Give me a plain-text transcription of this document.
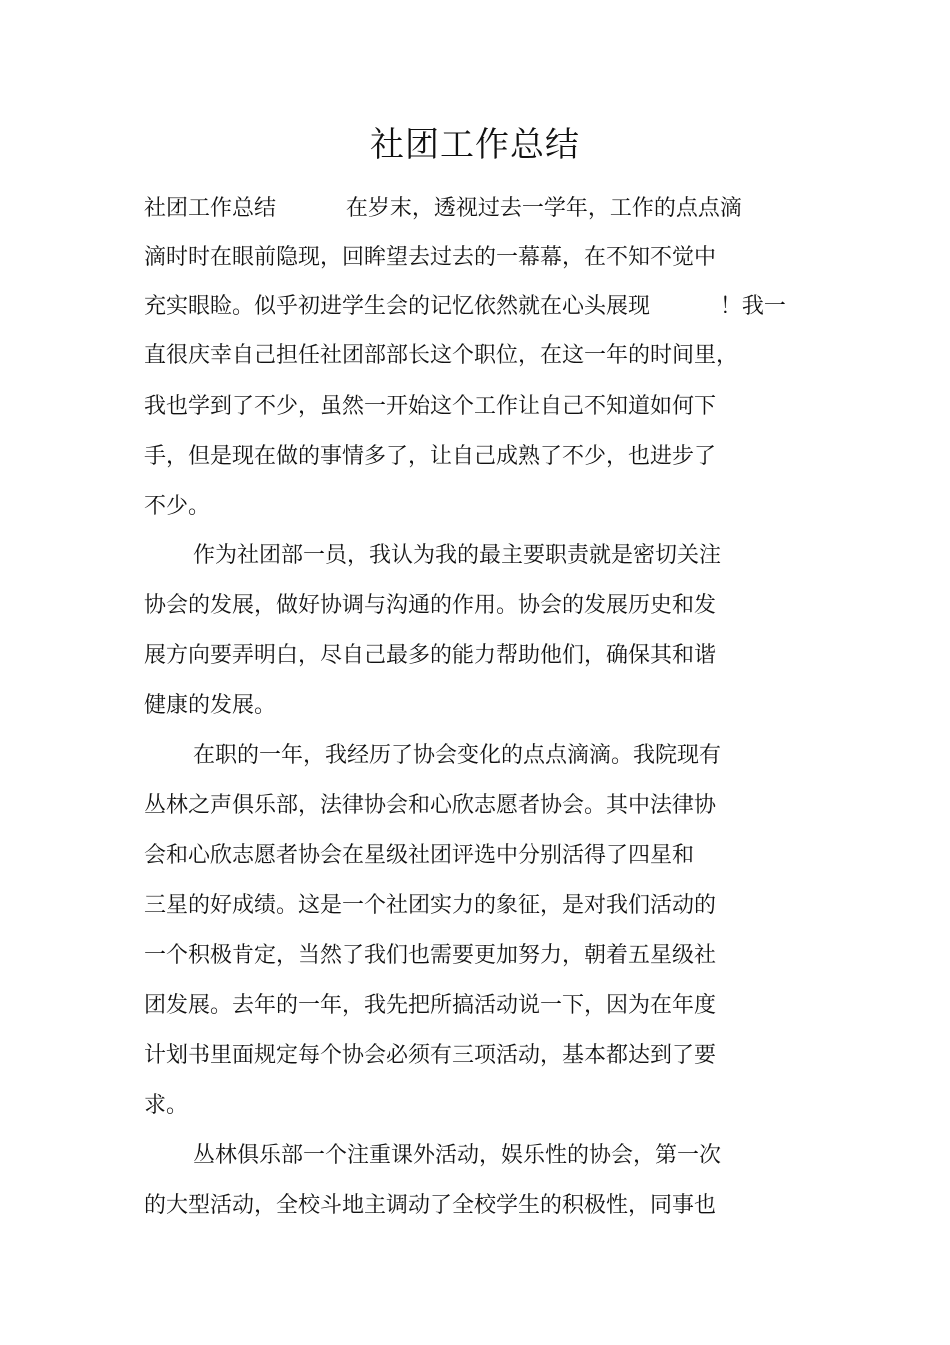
社团工作总结

社团工作总结          在岁末，透视过去一学年，工作的点点滴

滴时时在眼前隐现，回眸望去过去的一幕幕，在不知不觉中

充实眼睑。似乎初进学生会的记忆依然就在心头展现          ！我一

直很庆幸自己担任社团部部长这个职位，在这一年的时间里，

我也学到了不少，虽然一开始这个工作让自己不知道如何下

手，但是现在做的事情多了，让自己成熟了不少，也进步了

不少。

作为社团部一员，我认为我的最主要职责就是密切关注

协会的发展，做好协调与沟通的作用。协会的发展历史和发

展方向要弄明白，尽自己最多的能力帮助他们，确保其和谐

健康的发展。

在职的一年，我经历了协会变化的点点滴滴。我院现有

丛林之声俱乐部，法律协会和心欣志愿者协会。其中法律协

会和心欣志愿者协会在星级社团评选中分别活得了四星和

三星的好成绩。这是一个社团实力的象征，是对我们活动的

一个积极肯定，当然了我们也需要更加努力，朝着五星级社

团发展。去年的一年，我先把所搞活动说一下，因为在年度

计划书里面规定每个协会必须有三项活动，基本都达到了要

求。

丛林俱乐部一个注重课外活动，娱乐性的协会，第一次

的大型活动，全校斗地主调动了全校学生的积极性，同事也
